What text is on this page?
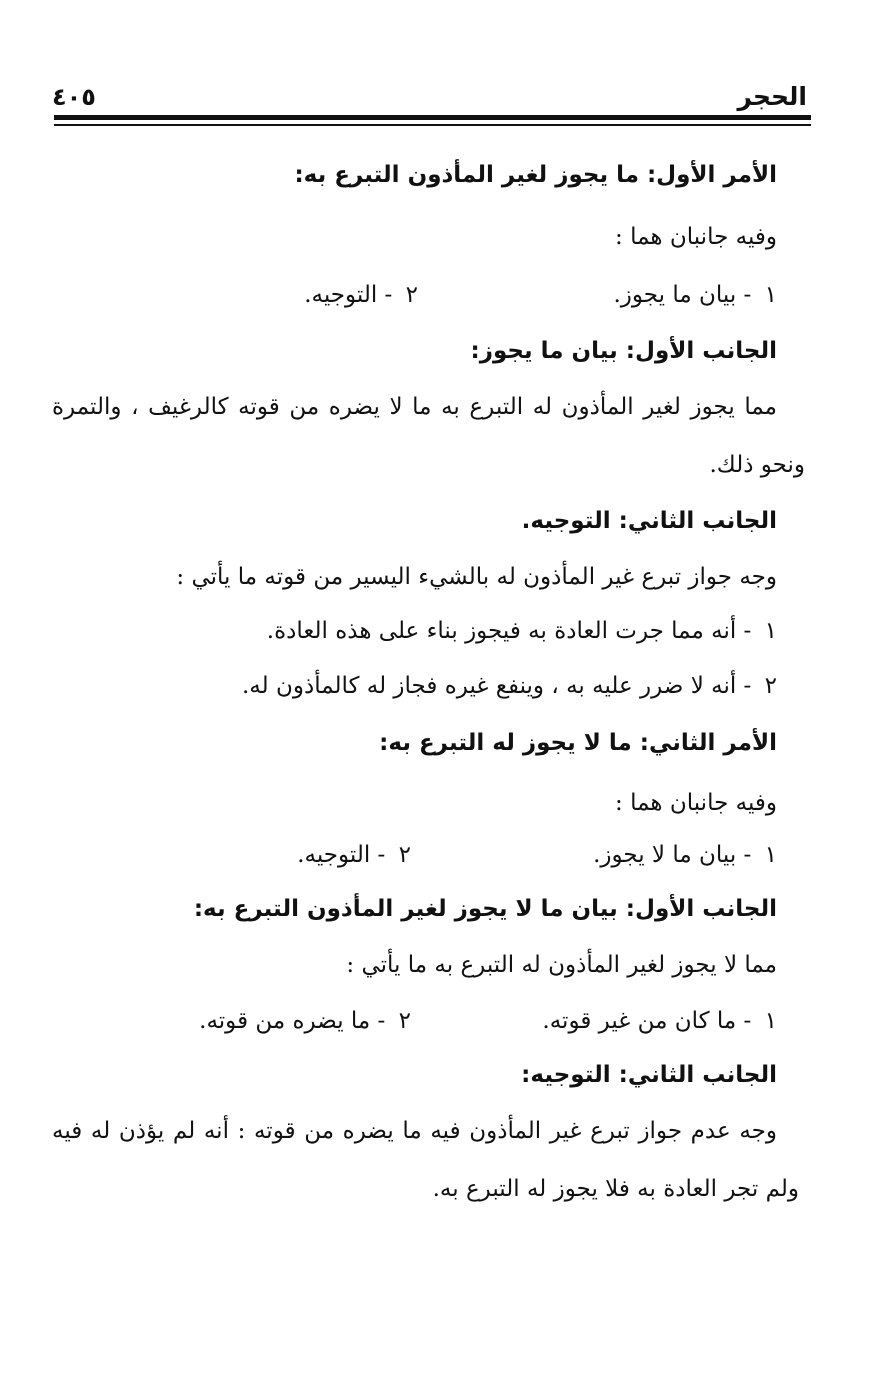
الحجر
٤٠٥
الأمر الأول: ما يجوز لغير المأذون التبرع به:
وفيه جانبان هما :
١ - بيان ما يجوز.
٢ - التوجيه.
الجانب الأول: بيان ما يجوز:
مما يجوز لغير المأذون له التبرع به ما لا يضره من قوته كالرغيف ، والتمرة
ونحو ذلك.
الجانب الثاني: التوجيه.
وجه جواز تبرع غير المأذون له بالشيء اليسير من قوته ما يأتي :
١ - أنه مما جرت العادة به فيجوز بناء على هذه العادة.
٢ - أنه لا ضرر عليه به ، وينفع غيره فجاز له كالمأذون له.
الأمر الثاني: ما لا يجوز له التبرع به:
وفيه جانبان هما :
١ - بيان ما لا يجوز.
٢ - التوجيه.
الجانب الأول: بيان ما لا يجوز لغير المأذون التبرع به:
مما لا يجوز لغير المأذون له التبرع به ما يأتي :
١ - ما كان من غير قوته.
٢ - ما يضره من قوته.
الجانب الثاني: التوجيه:
وجه عدم جواز تبرع غير المأذون فيه ما يضره من قوته : أنه لم يؤذن له فيه
ولم تجر العادة به فلا يجوز له التبرع به.
